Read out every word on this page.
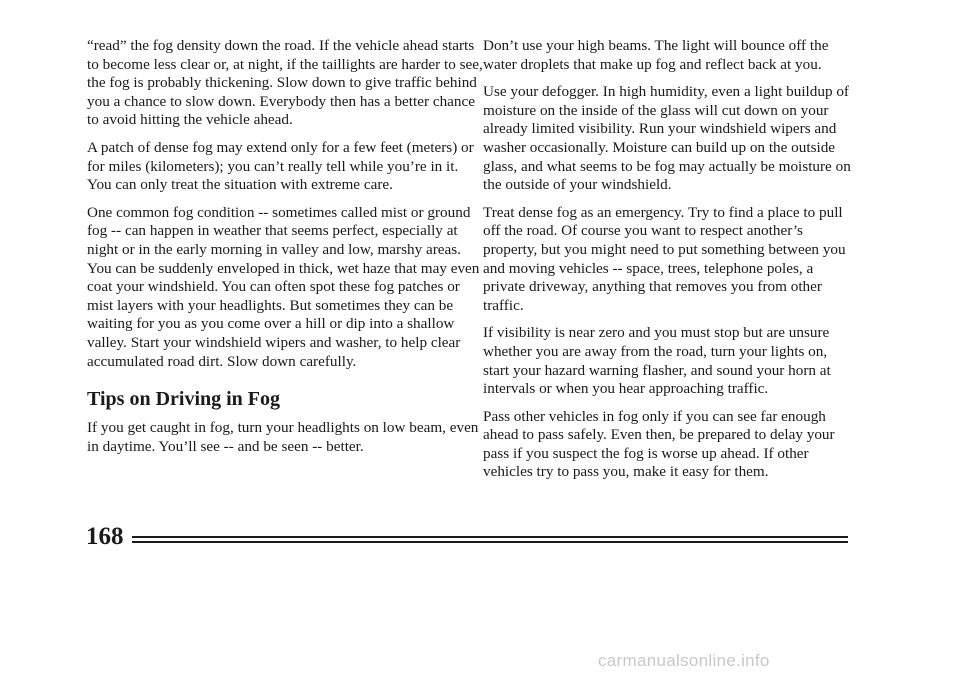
“read” the fog density down the road. If the vehicle ahead starts to become less clear or, at night, if the taillights are harder to see, the fog is probably thickening. Slow down to give traffic behind you a chance to slow down. Everybody then has a better chance to avoid hitting the vehicle ahead.

A patch of dense fog may extend only for a few feet (meters) or for miles (kilometers); you can’t really tell while you’re in it. You can only treat the situation with extreme care.

One common fog condition -- sometimes called mist or ground fog -- can happen in weather that seems perfect, especially at night or in the early morning in valley and low, marshy areas. You can be suddenly enveloped in thick, wet haze that may even coat your windshield. You can often spot these fog patches or mist layers with your headlights. But sometimes they can be waiting for you as you come over a hill or dip into a shallow valley. Start your windshield wipers and washer, to help clear accumulated road dirt. Slow down carefully.

Tips on Driving in Fog

If you get caught in fog, turn your headlights on low beam, even in daytime. You’ll see -- and be seen -- better.

Don’t use your high beams. The light will bounce off the water droplets that make up fog and reflect back at you.

Use your defogger. In high humidity, even a light buildup of moisture on the inside of the glass will cut down on your already limited visibility. Run your windshield wipers and washer occasionally. Moisture can build up on the outside glass, and what seems to be fog may actually be moisture on the outside of your windshield.

Treat dense fog as an emergency. Try to find a place to pull off the road. Of course you want to respect another’s property, but you might need to put something between you and moving vehicles -- space, trees, telephone poles, a private driveway, anything that removes you from other traffic.

If visibility is near zero and you must stop but are unsure whether you are away from the road, turn your lights on, start your hazard warning flasher, and sound your horn at intervals or when you hear approaching traffic.

Pass other vehicles in fog only if you can see far enough ahead to pass safely. Even then, be prepared to delay your pass if you suspect the fog is worse up ahead. If other vehicles try to pass you, make it easy for them.

168
carmanualsonline.info
